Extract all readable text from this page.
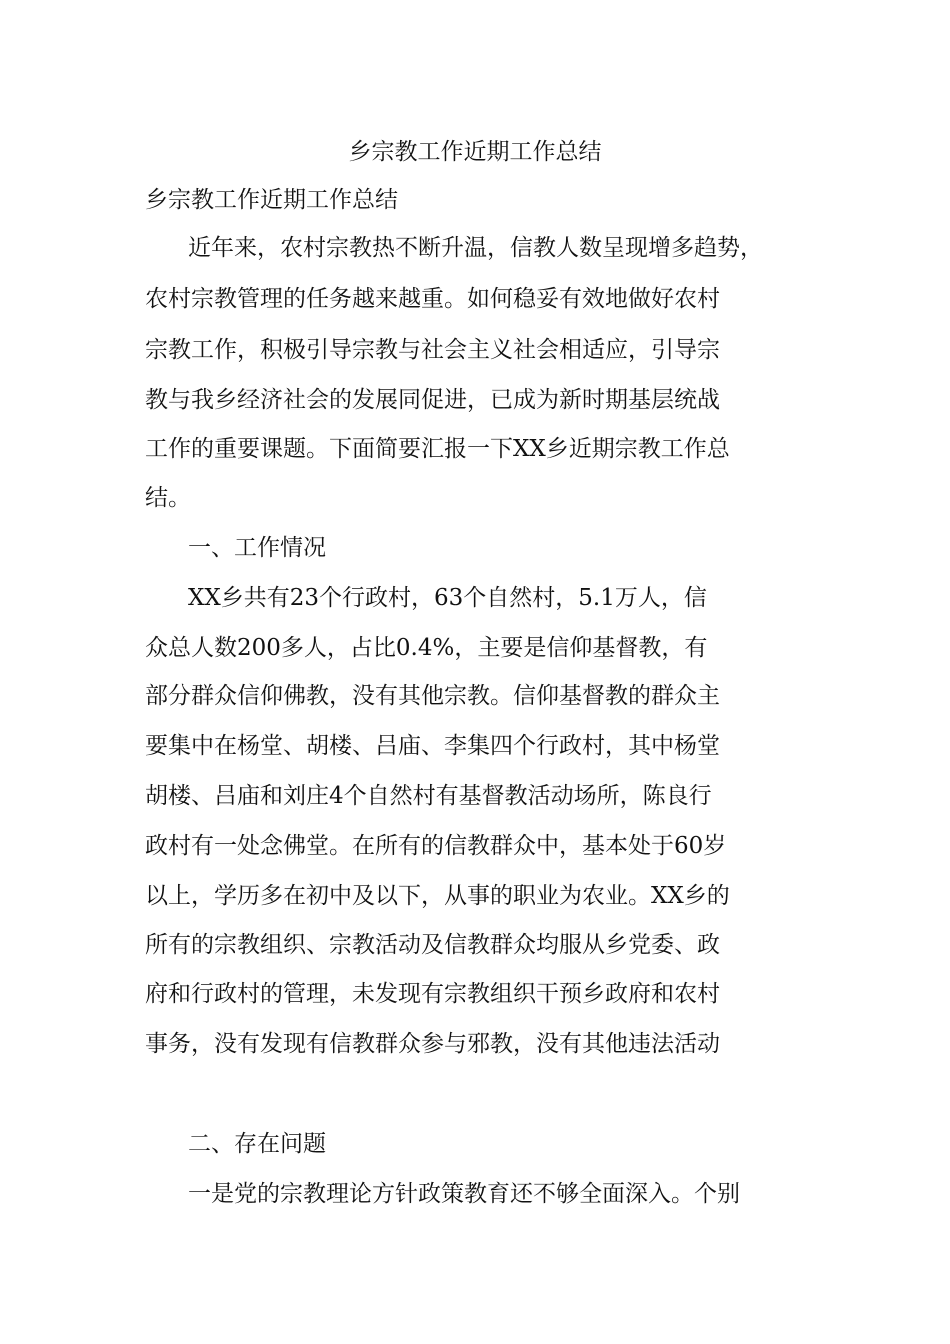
乡宗教工作近期工作总结

乡宗教工作近期工作总结

近年来，农村宗教热不断升温，信教人数呈现增多趋势，

农村宗教管理的任务越来越重。如何稳妥有效地做好农村

宗教工作，积极引导宗教与社会主义社会相适应，引导宗

教与我乡经济社会的发展同促进，已成为新时期基层统战

工作的重要课题。下面简要汇报一下XX乡近期宗教工作总

结。

一、工作情况

XX乡共有23个行政村，63个自然村，5.1万人，信

众总人数200多人，占比0.4%，主要是信仰基督教，有

部分群众信仰佛教，没有其他宗教。信仰基督教的群众主

要集中在杨堂、胡楼、吕庙、李集四个行政村，其中杨堂

胡楼、吕庙和刘庄4个自然村有基督教活动场所，陈良行

政村有一处念佛堂。在所有的信教群众中，基本处于60岁

以上，学历多在初中及以下，从事的职业为农业。XX乡的

所有的宗教组织、宗教活动及信教群众均服从乡党委、政

府和行政村的管理，未发现有宗教组织干预乡政府和农村

事务，没有发现有信教群众参与邪教，没有其他违法活动

二、存在问题

一是党的宗教理论方针政策教育还不够全面深入。个别
